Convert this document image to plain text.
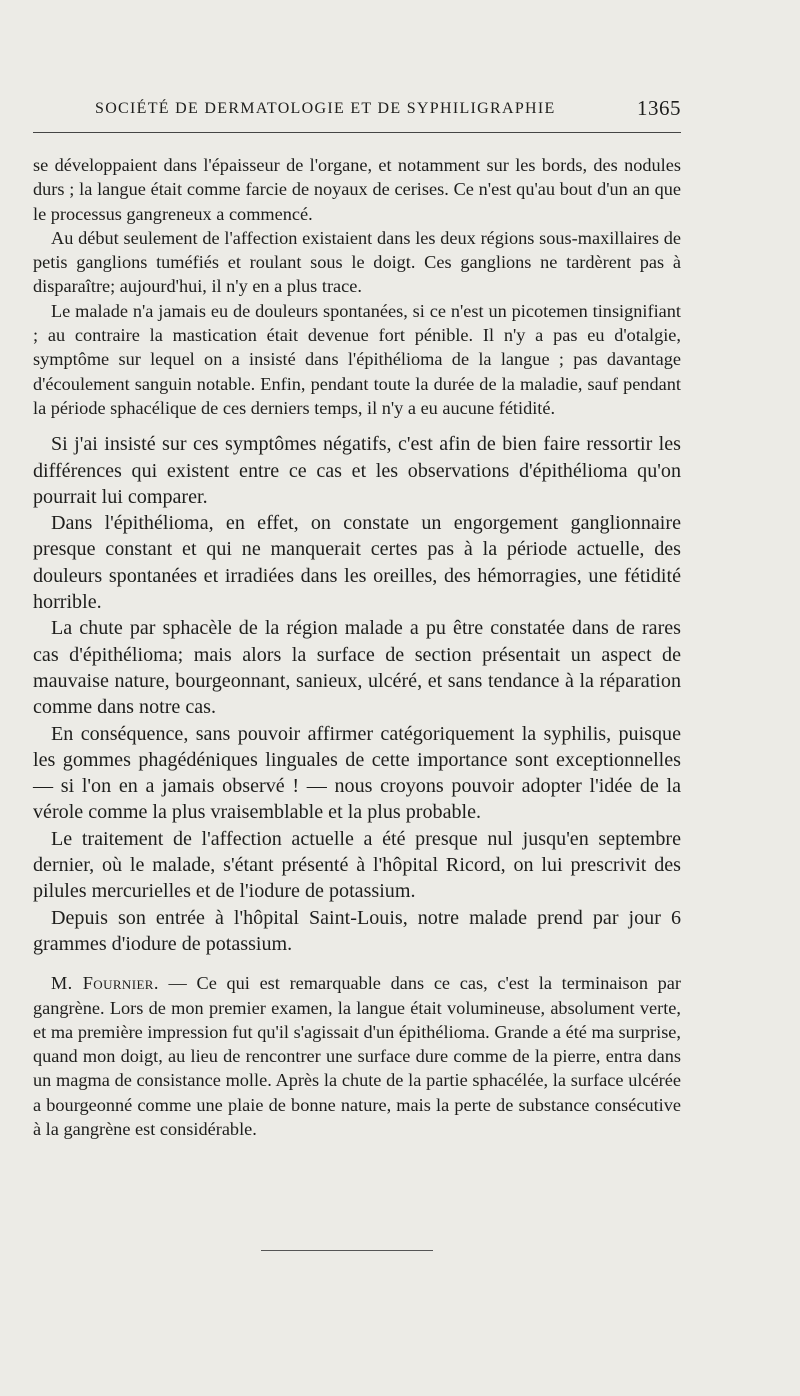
SOCIÉTÉ DE DERMATOLOGIE ET DE SYPHILIGRAPHIE	1365

se développaient dans l'épaisseur de l'organe, et notamment sur les bords, des nodules durs ; la langue était comme farcie de noyaux de cerises. Ce n'est qu'au bout d'un an que le processus gangreneux a commencé.

Au début seulement de l'affection existaient dans les deux régions sous-maxillaires de petis ganglions tuméfiés et roulant sous le doigt. Ces ganglions ne tardèrent pas à disparaître; aujourd'hui, il n'y en a plus trace.

Le malade n'a jamais eu de douleurs spontanées, si ce n'est un picotemen tinsignifiant ; au contraire la mastication était devenue fort pénible. Il n'y a pas eu d'otalgie, symptôme sur lequel on a insisté dans l'épithélioma de la langue ; pas davantage d'écoulement sanguin notable. Enfin, pendant toute la durée de la maladie, sauf pendant la période sphacélique de ces derniers temps, il n'y a eu aucune fétidité.

Si j'ai insisté sur ces symptômes négatifs, c'est afin de bien faire ressortir les différences qui existent entre ce cas et les observations d'épithélioma qu'on pourrait lui comparer.

Dans l'épithélioma, en effet, on constate un engorgement ganglionnaire presque constant et qui ne manquerait certes pas à la période actuelle, des douleurs spontanées et irradiées dans les oreilles, des hémorragies, une fétidité horrible.

La chute par sphacèle de la région malade a pu être constatée dans de rares cas d'épithélioma; mais alors la surface de section présentait un aspect de mauvaise nature, bourgeonnant, sanieux, ulcéré, et sans tendance à la réparation comme dans notre cas.

En conséquence, sans pouvoir affirmer catégoriquement la syphilis, puisque les gommes phagédéniques linguales de cette importance sont exceptionnelles — si l'on en a jamais observé ! — nous croyons pouvoir adopter l'idée de la vérole comme la plus vraisemblable et la plus probable.

Le traitement de l'affection actuelle a été presque nul jusqu'en septembre dernier, où le malade, s'étant présenté à l'hôpital Ricord, on lui prescrivit des pilules mercurielles et de l'iodure de potassium.

Depuis son entrée à l'hôpital Saint-Louis, notre malade prend par jour 6 grammes d'iodure de potassium.

M. Fournier. — Ce qui est remarquable dans ce cas, c'est la terminaison par gangrène. Lors de mon premier examen, la langue était volumineuse, absolument verte, et ma première impression fut qu'il s'agissait d'un épithélioma. Grande a été ma surprise, quand mon doigt, au lieu de rencontrer une surface dure comme de la pierre, entra dans un magma de consistance molle. Après la chute de la partie sphacélée, la surface ulcérée a bourgeonné comme une plaie de bonne nature, mais la perte de substance consécutive à la gangrène est considérable.
